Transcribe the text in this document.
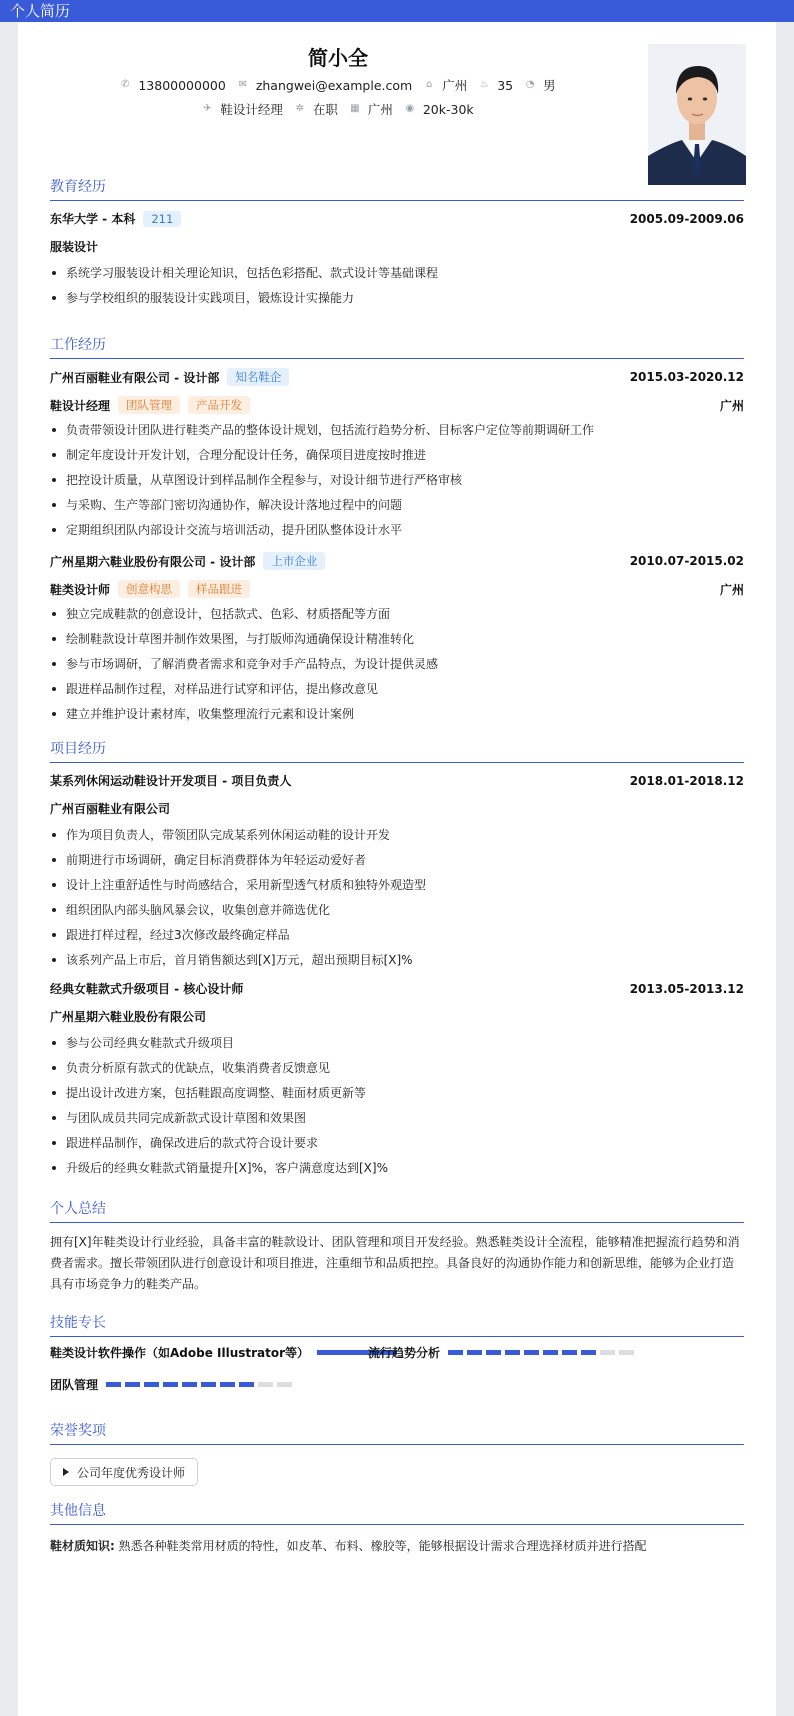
个人简历
简小全
✆ 13800000000 ✉ zhangwei@example.com ⌂ 广州 ♨ 35 ◔ 男
✈ 鞋设计经理 ✲ 在职 ▦ 广州 ◉ 20k-30k
教育经历
东华大学 - 本科	211	2005.09-2009.06
服装设计
系统学习服装设计相关理论知识，包括色彩搭配、款式设计等基础课程
参与学校组织的服装设计实践项目，锻炼设计实操能力
工作经历
广州百丽鞋业有限公司 - 设计部	知名鞋企	2015.03-2020.12
鞋设计经理	团队管理	产品开发	广州
负责带领设计团队进行鞋类产品的整体设计规划，包括流行趋势分析、目标客户定位等前期调研工作
制定年度设计开发计划，合理分配设计任务，确保项目进度按时推进
把控设计质量，从草图设计到样品制作全程参与，对设计细节进行严格审核
与采购、生产等部门密切沟通协作，解决设计落地过程中的问题
定期组织团队内部设计交流与培训活动，提升团队整体设计水平
广州星期六鞋业股份有限公司 - 设计部	上市企业	2010.07-2015.02
鞋类设计师	创意构思	样品跟进	广州
独立完成鞋款的创意设计，包括款式、色彩、材质搭配等方面
绘制鞋款设计草图并制作效果图，与打版师沟通确保设计精准转化
参与市场调研，了解消费者需求和竞争对手产品特点，为设计提供灵感
跟进样品制作过程，对样品进行试穿和评估，提出修改意见
建立并维护设计素材库，收集整理流行元素和设计案例
项目经历
某系列休闲运动鞋设计开发项目 - 项目负责人	2018.01-2018.12
广州百丽鞋业有限公司
作为项目负责人，带领团队完成某系列休闲运动鞋的设计开发
前期进行市场调研，确定目标消费群体为年轻运动爱好者
设计上注重舒适性与时尚感结合，采用新型透气材质和独特外观造型
组织团队内部头脑风暴会议，收集创意并筛选优化
跟进打样过程，经过3次修改最终确定样品
该系列产品上市后，首月销售额达到[X]万元，超出预期目标[X]%
经典女鞋款式升级项目 - 核心设计师	2013.05-2013.12
广州星期六鞋业股份有限公司
参与公司经典女鞋款式升级项目
负责分析原有款式的优缺点，收集消费者反馈意见
提出设计改进方案，包括鞋跟高度调整、鞋面材质更新等
与团队成员共同完成新款式设计草图和效果图
跟进样品制作，确保改进后的款式符合设计要求
升级后的经典女鞋款式销量提升[X]%，客户满意度达到[X]%
个人总结
拥有[X]年鞋类设计行业经验，具备丰富的鞋款设计、团队管理和项目开发经验。熟悉鞋类设计全流程，能够精准把握流行趋势和消费者需求。擅长带领团队进行创意设计和项目推进，注重细节和品质把控。具备良好的沟通协作能力和创新思维，能够为企业打造具有市场竞争力的鞋类产品。
技能专长
鞋类设计软件操作（如Adobe Illustrator等）	流行趋势分析
团队管理
荣誉奖项
公司年度优秀设计师
其他信息
鞋材质知识: 熟悉各种鞋类常用材质的特性，如皮革、布料、橡胶等，能够根据设计需求合理选择材质并进行搭配
